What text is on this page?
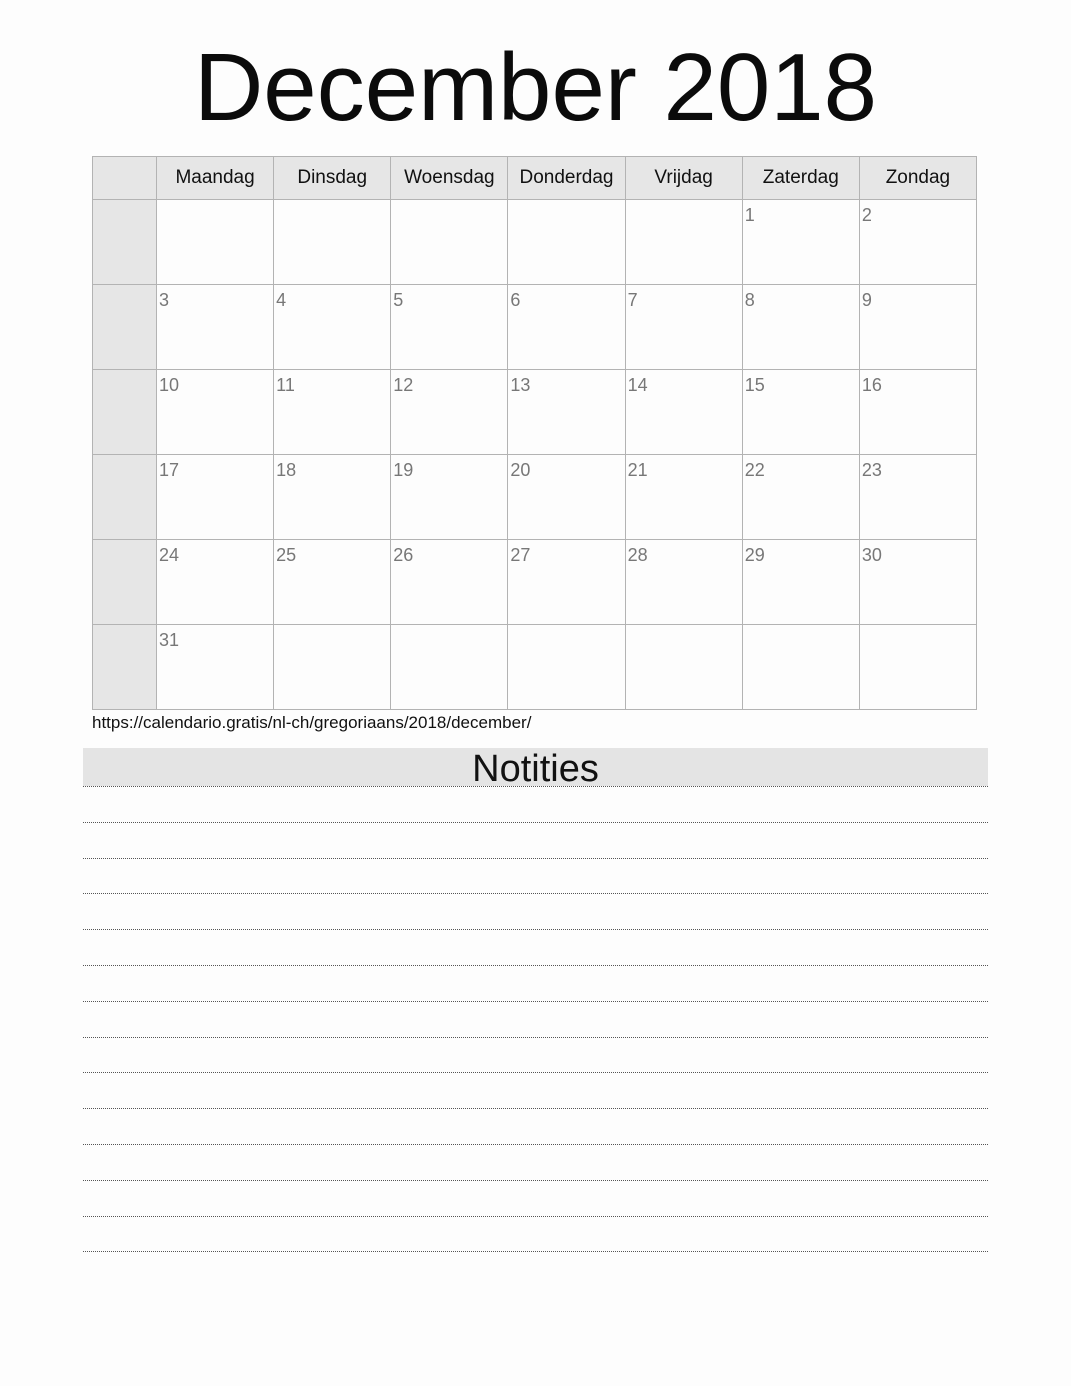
December 2018
	Maandag	Dinsdag	Woensdag	Donderdag	Vrijdag	Zaterdag	Zondag

						1	2

	3	4	5	6	7	8	9

	10	11	12	13	14	15	16

	17	18	19	20	21	22	23

	24	25	26	27	28	29	30

	31						

https://calendario.gratis/nl-ch/gregoriaans/2018/december/
Notities
